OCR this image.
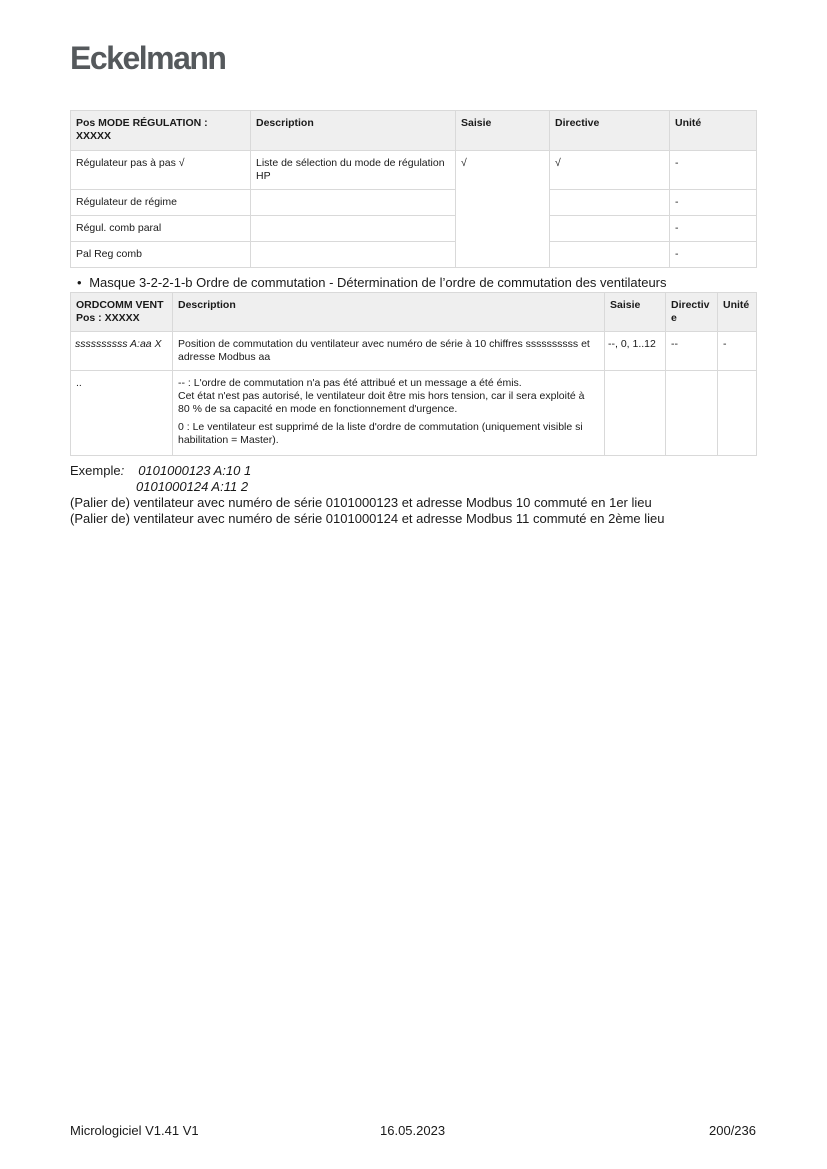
Eckelmann
Pos MODE RÉGULATION : XXXXX	Description	Saisie	Directive	Unité
Régulateur pas à pas √	Liste de sélection du mode de régulation HP	√	√	-
Régulateur de régime				-
Régul. comb paral				-
Pal Reg comb				-
• Masque 3-2-2-1-b Ordre de commutation - Détermination de l’ordre de commutation des ventilateurs
ORDCOMM VENT Pos : XXXXX	Description	Saisie	Directiv e	Unité
ssssssssss A:aa X	Position de commutation du ventilateur avec numéro de série à 10 chiffres ssssssssss et adresse Modbus aa	--, 0, 1..12	--	-
..	-- : L'ordre de commutation n'a pas été attribué et un message a été émis.
Cet état n'est pas autorisé, le ventilateur doit être mis hors tension, car il sera exploité à 80 % de sa capacité en mode en fonctionnement d'urgence.

0 : Le ventilateur est supprimé de la liste d'ordre de commutation (uniquement visible si habilitation = Master).			

Exemple: 0101000123 A:10 1
0101000124 A:11 2
(Palier de) ventilateur avec numéro de série 0101000123 et adresse Modbus 10 commuté en 1er lieu
(Palier de) ventilateur avec numéro de série 0101000124 et adresse Modbus 11 commuté en 2ème lieu
Micrologiciel V1.41 V1	16.05.2023	200/236
